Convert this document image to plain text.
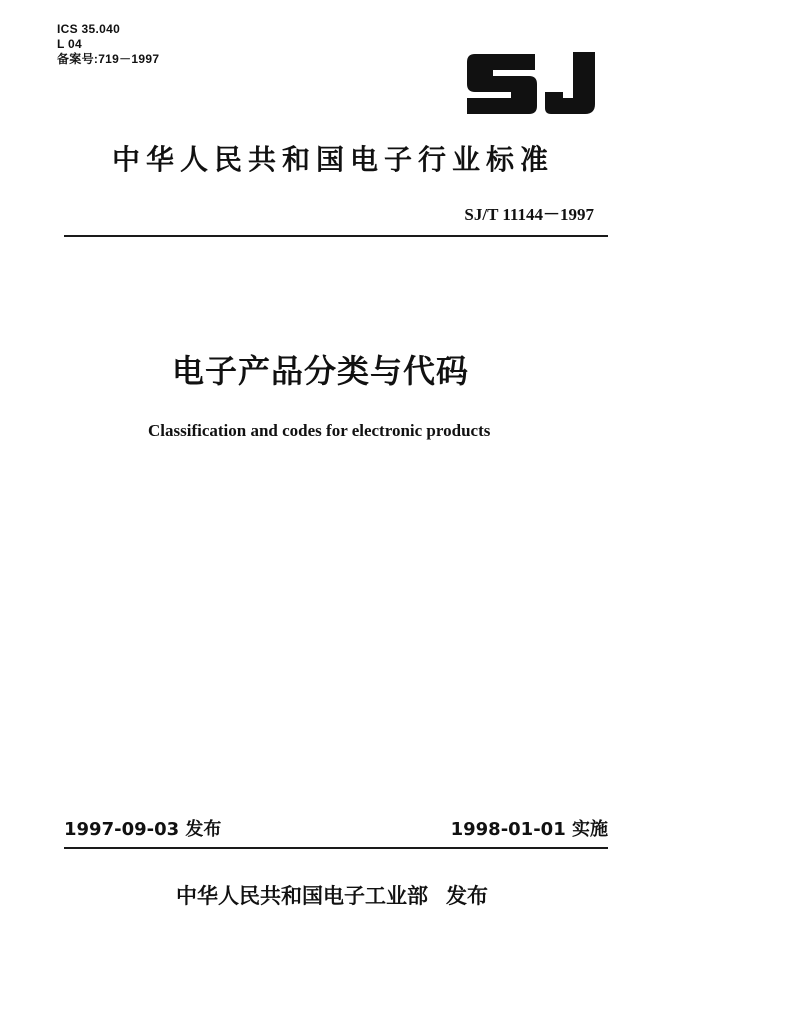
ICS 35.040
L 04
备案号:719－1997
中华人民共和国电子行业标准
SJ/T 11144－1997
电子产品分类与代码
Classification and codes for electronic products
1997-09-03 发布	1998-01-01 实施
中华人民共和国电子工业部 发布
